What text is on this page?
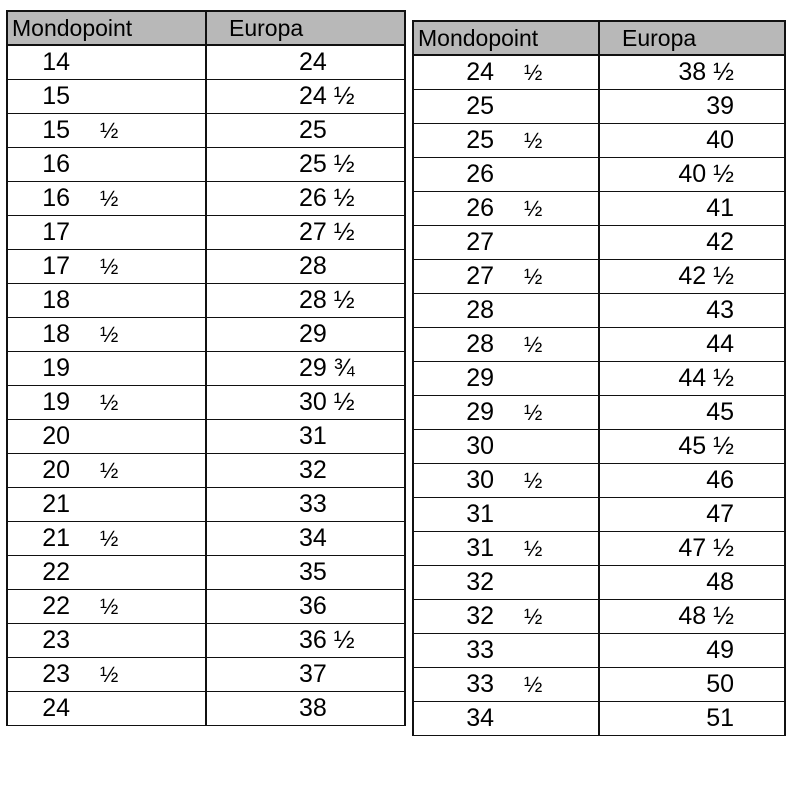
Mondopoint	Europa
14	24
15	24 ½
15 ½	25
16	25 ½
16 ½	26 ½
17	27 ½
17 ½	28
18	28 ½
18 ½	29
19	29 ¾
19 ½	30 ½
20	31
20 ½	32
21	33
21 ½	34
22	35
22 ½	36
23	36 ½
23 ½	37
24	38
Mondopoint	Europa
24 ½	38 ½
25	39
25 ½	40
26	40 ½
26 ½	41
27	42
27 ½	42 ½
28	43
28 ½	44
29	44 ½
29 ½	45
30	45 ½
30 ½	46
31	47
31 ½	47 ½
32	48
32 ½	48 ½
33	49
33 ½	50
34	51
